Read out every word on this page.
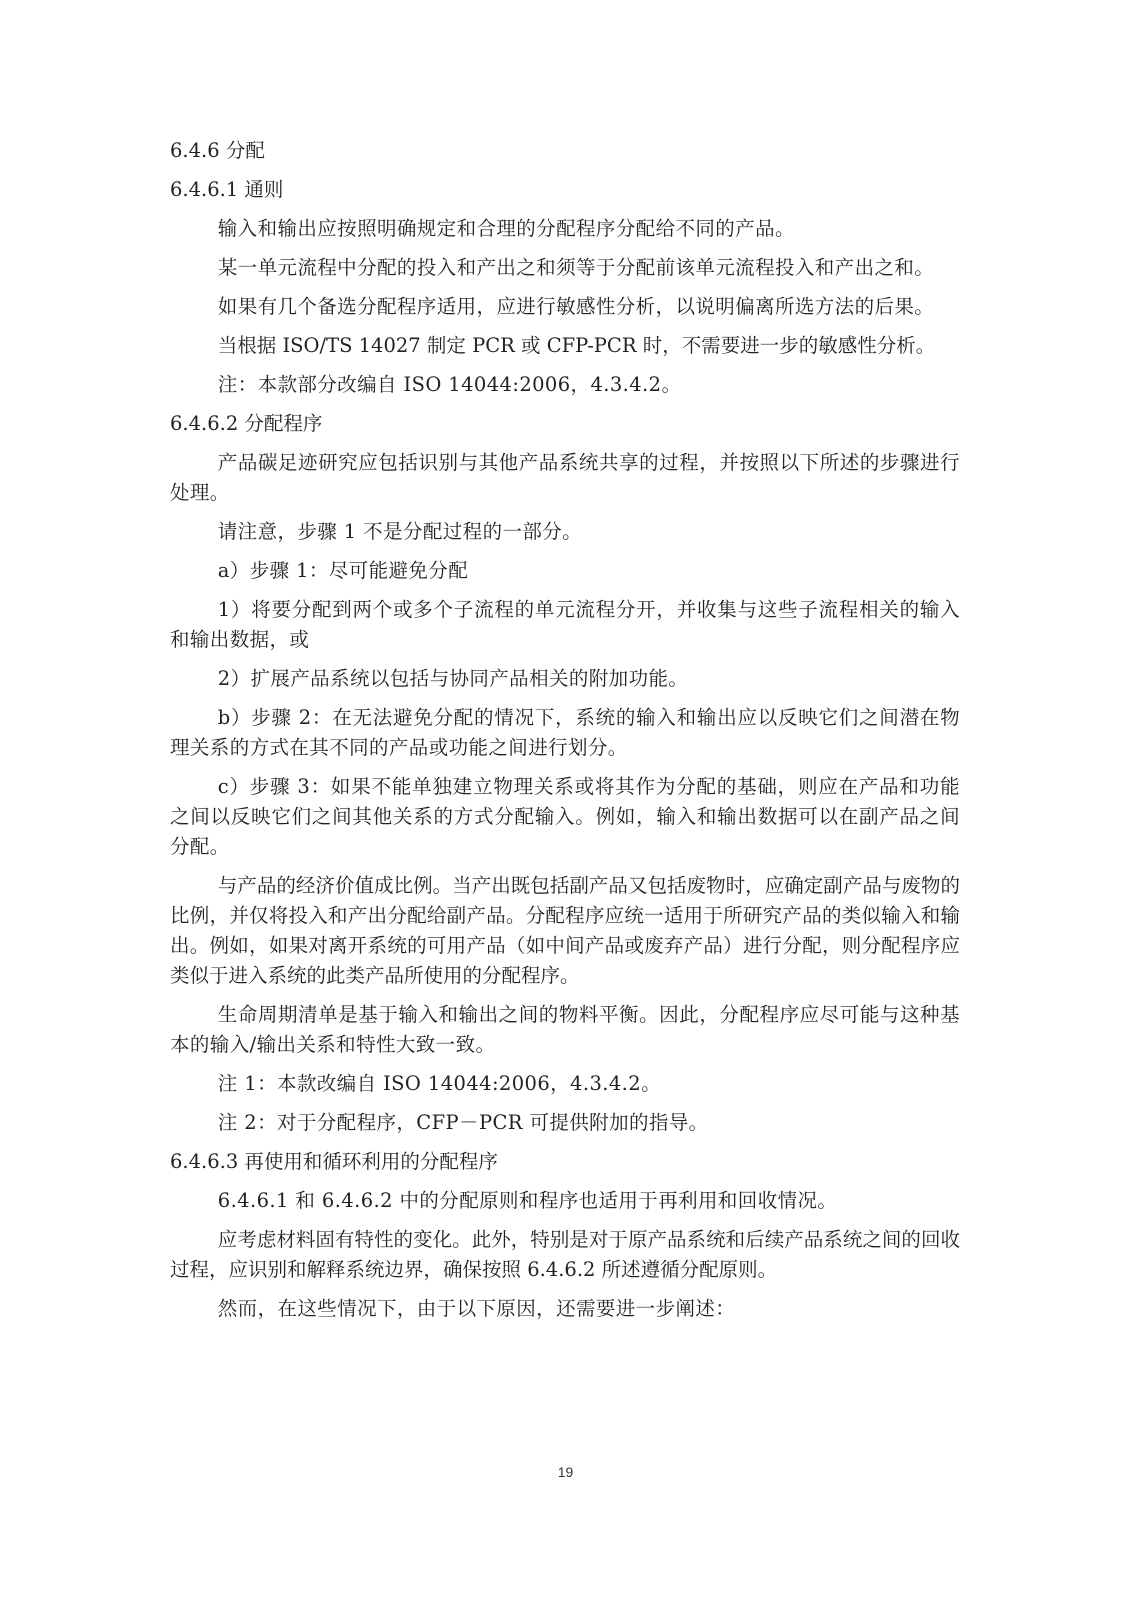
6.4.6 分配
6.4.6.1 通则
输入和输出应按照明确规定和合理的分配程序分配给不同的产品。
某一单元流程中分配的投入和产出之和须等于分配前该单元流程投入和产出之和。
如果有几个备选分配程序适用，应进行敏感性分析，以说明偏离所选方法的后果。
当根据 ISO/TS 14027 制定 PCR 或 CFP-PCR 时，不需要进一步的敏感性分析。
注：本款部分改编自 ISO 14044:2006，4.3.4.2。
6.4.6.2 分配程序
产品碳足迹研究应包括识别与其他产品系统共享的过程，并按照以下所述的步骤进行处理。
请注意，步骤 1 不是分配过程的一部分。
a）步骤 1：尽可能避免分配
1）将要分配到两个或多个子流程的单元流程分开，并收集与这些子流程相关的输入和输出数据，或
2）扩展产品系统以包括与协同产品相关的附加功能。
b）步骤 2：在无法避免分配的情况下，系统的输入和输出应以反映它们之间潜在物理关系的方式在其不同的产品或功能之间进行划分。
c）步骤 3：如果不能单独建立物理关系或将其作为分配的基础，则应在产品和功能之间以反映它们之间其他关系的方式分配输入。例如，输入和输出数据可以在副产品之间分配。
与产品的经济价值成比例。当产出既包括副产品又包括废物时，应确定副产品与废物的比例，并仅将投入和产出分配给副产品。分配程序应统一适用于所研究产品的类似输入和输出。例如，如果对离开系统的可用产品（如中间产品或废弃产品）进行分配，则分配程序应类似于进入系统的此类产品所使用的分配程序。
生命周期清单是基于输入和输出之间的物料平衡。因此，分配程序应尽可能与这种基本的输入/输出关系和特性大致一致。
注 1：本款改编自 ISO 14044:2006，4.3.4.2。
注 2：对于分配程序，CFP－PCR 可提供附加的指导。
6.4.6.3 再使用和循环利用的分配程序
6.4.6.1 和 6.4.6.2 中的分配原则和程序也适用于再利用和回收情况。
应考虑材料固有特性的变化。此外，特别是对于原产品系统和后续产品系统之间的回收过程，应识别和解释系统边界，确保按照 6.4.6.2 所述遵循分配原则。
然而，在这些情况下，由于以下原因，还需要进一步阐述：
19
